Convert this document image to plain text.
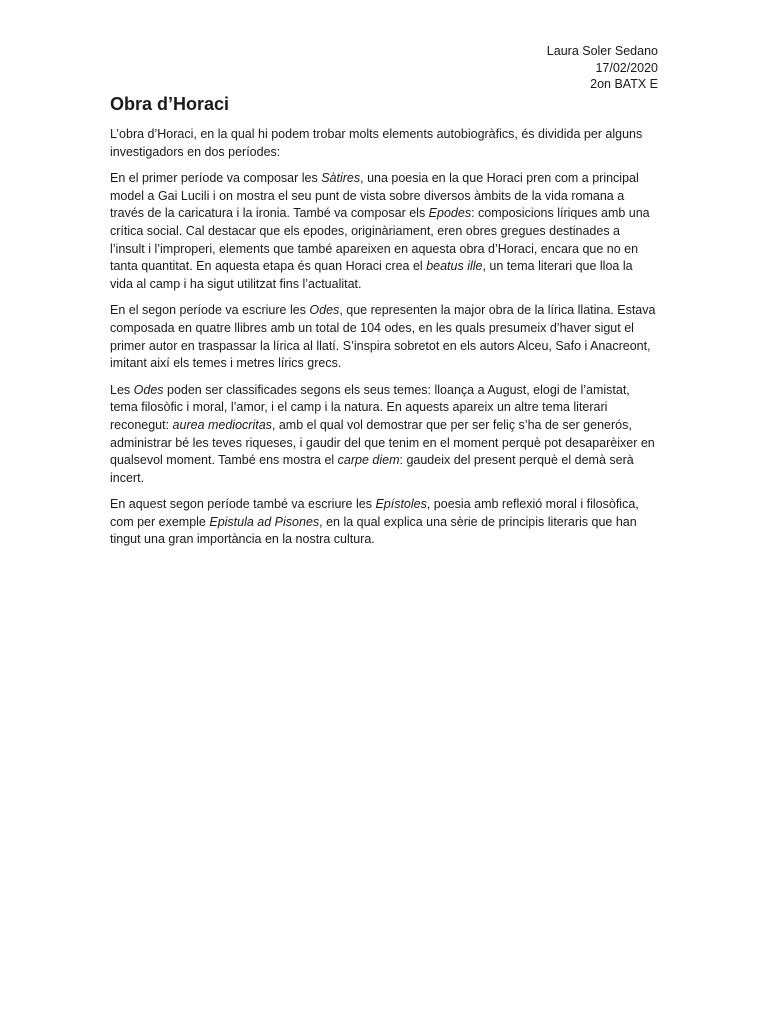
Laura Soler Sedano
17/02/2020
2on BATX E
Obra d’Horaci

L’obra d’Horaci, en la qual hi podem trobar molts elements autobiogràfics, és dividida per alguns investigadors en dos períodes:

En el primer període va composar les Sàtires, una poesia en la que Horaci pren com a principal model a Gai Lucili i on mostra el seu punt de vista sobre diversos àmbits de la vida romana a través de la caricatura i la ironia. També va composar els Epodes: composicions líriques amb una crítica social. Cal destacar que els epodes, originàriament, eren obres gregues destinades a l’insult i l’improperi, elements que també apareixen en aquesta obra d’Horaci, encara que no en tanta quantitat. En aquesta etapa és quan Horaci crea el beatus ille, un tema literari que lloa la vida al camp i ha sigut utilitzat fins l’actualitat.

En el segon període va escriure les Odes, que representen la major obra de la lírica llatina. Estava composada en quatre llibres amb un total de 104 odes, en les quals presumeix d’haver sigut el primer autor en traspassar la lírica al llatí. S’inspira sobretot en els autors Alceu, Safo i Anacreont, imitant així els temes i metres lírics grecs.

Les Odes poden ser classificades segons els seus temes: lloança a August, elogi de l’amistat, tema filosòfic i moral, l’amor, i el camp i la natura. En aquests apareix un altre tema literari reconegut: aurea mediocritas, amb el qual vol demostrar que per ser feliç s’ha de ser generós, administrar bé les teves riqueses, i gaudir del que tenim en el moment perquè pot desaparèixer en qualsevol moment. També ens mostra el carpe diem: gaudeix del present perquè el demà serà incert.

En aquest segon període també va escriure les Epístoles, poesia amb reflexió moral i filosòfica, com per exemple Epistula ad Pisones, en la qual explica una sèrie de principis literaris que han tingut una gran importància en la nostra cultura.
